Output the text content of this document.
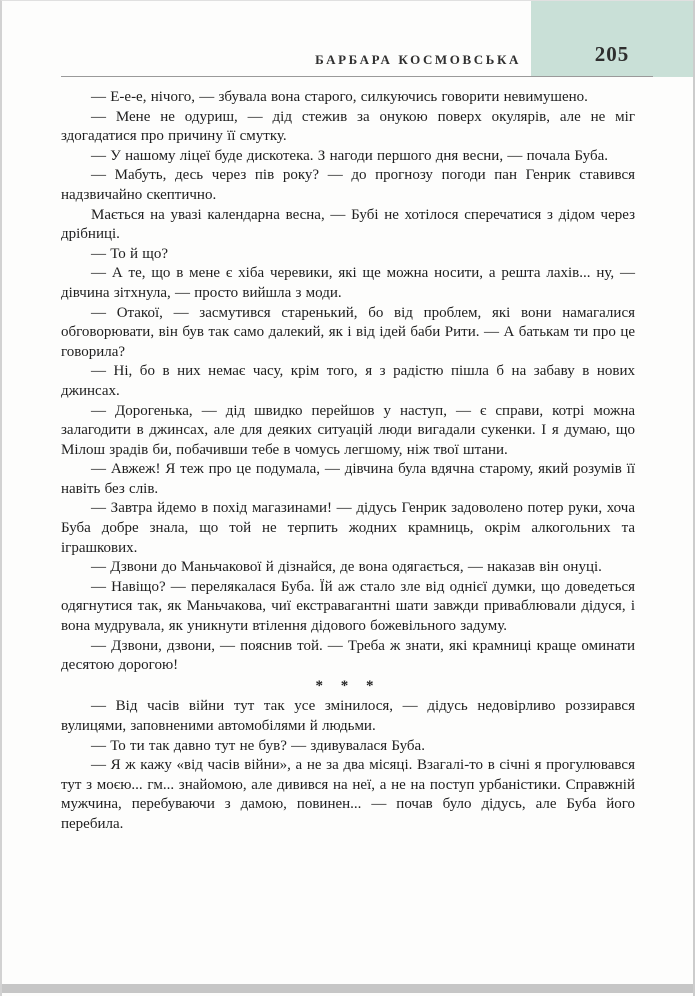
205
БАРБАРА КОСМОВСЬКА

— Е-е-е, нічого, — збувала вона старого, силкуючись говорити невимушено.

— Мене не одуриш, — дід стежив за онукою поверх окулярів, але не міг здогадатися про причину її смутку.

— У нашому ліцеї буде дискотека. З нагоди першого дня весни, — почала Буба.

— Мабуть, десь через пів року? — до прогнозу погоди пан Генрик ставився надзвичайно скептично.

Мається на увазі календарна весна, — Бубі не хотілося сперечатися з дідом через дрібниці.

— То й що?

— А те, що в мене є хіба черевики, які ще можна носити, а решта лахів... ну, — дівчина зітхнула, — просто вийшла з моди.

— Отакої, — засмутився старенький, бо від проблем, які вони намагалися обговорювати, він був так само далекий, як і від ідей баби Рити. — А батькам ти про це говорила?

— Ні, бо в них немає часу, крім того, я з радістю пішла б на забаву в нових джинсах.

— Дорогенька, — дід швидко перейшов у наступ, — є справи, котрі можна залагодити в джинсах, але для деяких ситуацій люди вигадали сукенки. І я думаю, що Мілош зрадів би, побачивши тебе в чомусь легшому, ніж твої штани.

— Авжеж! Я теж про це подумала, — дівчина була вдячна старому, який розумів її навіть без слів.

— Завтра йдемо в похід магазинами! — дідусь Генрик задоволено потер руки, хоча Буба добре знала, що той не терпить жодних крамниць, окрім алкогольних та іграшкових.

— Дзвони до Маньчакової й дізнайся, де вона одягається, — наказав він онуці.

— Навіщо? — перелякалася Буба. Їй аж стало зле від однієї думки, що доведеться одягнутися так, як Маньчакова, чиї екстравагантні шати завжди приваблювали дідуся, і вона мудрувала, як уникнути втілення дідового божевільного задуму.

— Дзвони, дзвони, — пояснив той. — Треба ж знати, які крамниці краще оминати десятою дорогою!

* * *

— Від часів війни тут так усе змінилося, — дідусь недовірливо роззирався вулицями, заповненими автомобілями й людьми.

— То ти так давно тут не був? — здивувалася Буба.

— Я ж кажу «від часів війни», а не за два місяці. Взагалі-то в січні я прогулювався тут з моєю... гм... знайомою, але дивився на неї, а не на поступ урбаністики. Справжній мужчина, перебуваючи з дамою, повинен... — почав було дідусь, але Буба його перебила.
